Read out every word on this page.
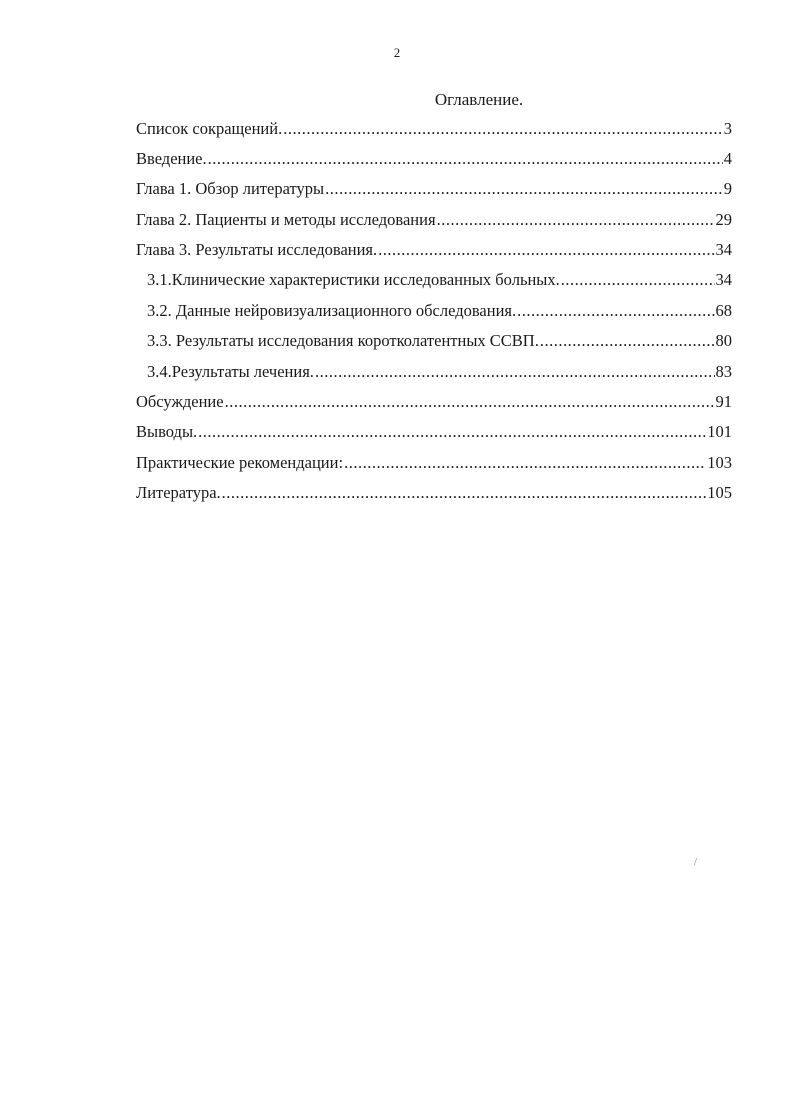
2
Оглавление.
Список сокращений. .....	3
Введение. .....	4
Глава 1. Обзор литературы .....	9
Глава 2. Пациенты и методы исследования .....	29
Глава 3. Результаты исследования. .....	34
3.1.Клинические характеристики исследованных больных. .....	34
3.2. Данные нейровизуализационного обследования. .....	68
3.3. Результаты исследования коротколатентных ССВП. .....	80
3.4.Результаты лечения. .....	83
Обсуждение .....	91
Выводы. .....	101
Практические рекомендации: .....	103
Литература. .....	105
/
